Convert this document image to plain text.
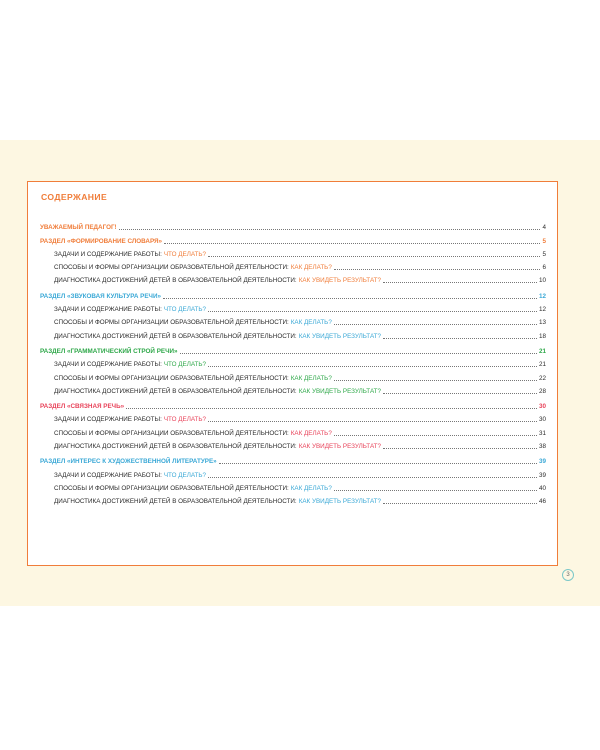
СОДЕРЖАНИЕ
УВАЖАЕМЫЙ ПЕДАГОГ!	4
РАЗДЕЛ «ФОРМИРОВАНИЕ СЛОВАРЯ»	5
ЗАДАЧИ И СОДЕРЖАНИЕ РАБОТЫ: ЧТО ДЕЛАТЬ?	5
СПОСОБЫ И ФОРМЫ ОРГАНИЗАЦИИ ОБРАЗОВАТЕЛЬНОЙ ДЕЯТЕЛЬНОСТИ: КАК ДЕЛАТЬ?	6
ДИАГНОСТИКА ДОСТИЖЕНИЙ ДЕТЕЙ В ОБРАЗОВАТЕЛЬНОЙ ДЕЯТЕЛЬНОСТИ: КАК УВИДЕТЬ РЕЗУЛЬТАТ?	10
РАЗДЕЛ «ЗВУКОВАЯ КУЛЬТУРА РЕЧИ»	12
ЗАДАЧИ И СОДЕРЖАНИЕ РАБОТЫ: ЧТО ДЕЛАТЬ?	12
СПОСОБЫ И ФОРМЫ ОРГАНИЗАЦИИ ОБРАЗОВАТЕЛЬНОЙ ДЕЯТЕЛЬНОСТИ: КАК ДЕЛАТЬ?	13
ДИАГНОСТИКА ДОСТИЖЕНИЙ ДЕТЕЙ В ОБРАЗОВАТЕЛЬНОЙ ДЕЯТЕЛЬНОСТИ: КАК УВИДЕТЬ РЕЗУЛЬТАТ?	18
РАЗДЕЛ «ГРАММАТИЧЕСКИЙ СТРОЙ РЕЧИ»	21
ЗАДАЧИ И СОДЕРЖАНИЕ РАБОТЫ: ЧТО ДЕЛАТЬ?	21
СПОСОБЫ И ФОРМЫ ОРГАНИЗАЦИИ ОБРАЗОВАТЕЛЬНОЙ ДЕЯТЕЛЬНОСТИ: КАК ДЕЛАТЬ?	22
ДИАГНОСТИКА ДОСТИЖЕНИЙ ДЕТЕЙ В ОБРАЗОВАТЕЛЬНОЙ ДЕЯТЕЛЬНОСТИ: КАК УВИДЕТЬ РЕЗУЛЬТАТ?	28
РАЗДЕЛ «СВЯЗНАЯ РЕЧЬ»	30
ЗАДАЧИ И СОДЕРЖАНИЕ РАБОТЫ: ЧТО ДЕЛАТЬ?	30
СПОСОБЫ И ФОРМЫ ОРГАНИЗАЦИИ ОБРАЗОВАТЕЛЬНОЙ ДЕЯТЕЛЬНОСТИ: КАК ДЕЛАТЬ?	31
ДИАГНОСТИКА ДОСТИЖЕНИЙ ДЕТЕЙ В ОБРАЗОВАТЕЛЬНОЙ ДЕЯТЕЛЬНОСТИ: КАК УВИДЕТЬ РЕЗУЛЬТАТ?	38
РАЗДЕЛ «ИНТЕРЕС К ХУДОЖЕСТВЕННОЙ ЛИТЕРАТУРЕ»	39
ЗАДАЧИ И СОДЕРЖАНИЕ РАБОТЫ: ЧТО ДЕЛАТЬ?	39
СПОСОБЫ И ФОРМЫ ОРГАНИЗАЦИИ ОБРАЗОВАТЕЛЬНОЙ ДЕЯТЕЛЬНОСТИ: КАК ДЕЛАТЬ?	40
ДИАГНОСТИКА ДОСТИЖЕНИЙ ДЕТЕЙ В ОБРАЗОВАТЕЛЬНОЙ ДЕЯТЕЛЬНОСТИ: КАК УВИДЕТЬ РЕЗУЛЬТАТ?	46
3
